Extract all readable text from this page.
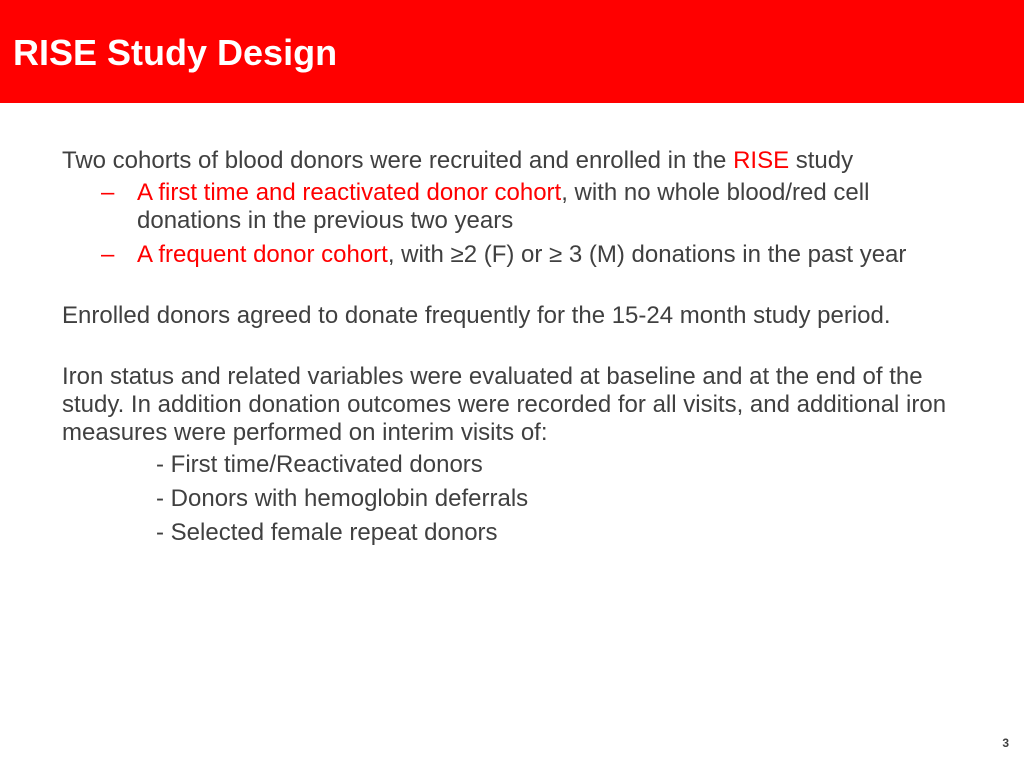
RISE Study Design

Two cohorts of blood donors were recruited and enrolled in the RISE study

– A first time and reactivated donor cohort, with no whole blood/red cell donations in the previous two years
– A frequent donor cohort, with ≥2 (F) or ≥ 3 (M) donations in the past year

Enrolled donors agreed to donate frequently for the 15-24 month study period.

Iron status and related variables were evaluated at baseline and at the end of the study. In addition donation outcomes were recorded for all visits, and additional iron measures were performed on interim visits of:

- First time/Reactivated donors
- Donors with hemoglobin deferrals
- Selected female repeat donors
3
